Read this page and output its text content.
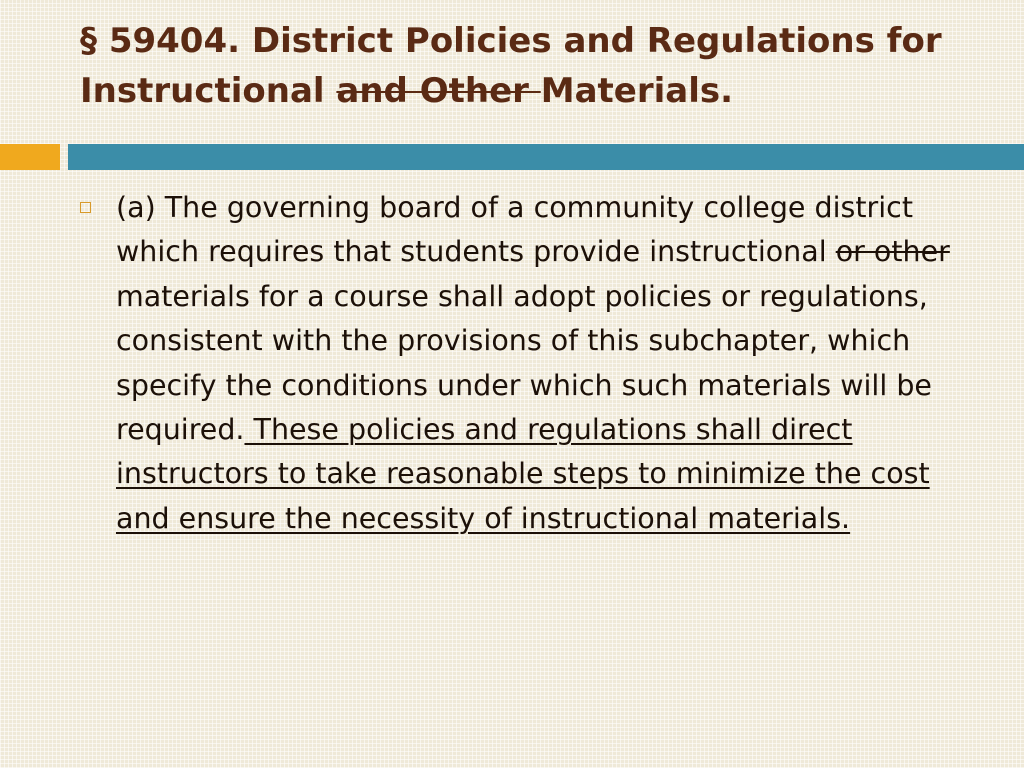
§ 59404. District Policies and Regulations for Instructional and Other Materials.

(a) The governing board of a community college district which requires that students provide instructional or other materials for a course shall adopt policies or regulations, consistent with the provisions of this subchapter, which specify the conditions under which such materials will be required. These policies and regulations shall direct instructors to take reasonable steps to minimize the cost and ensure the necessity of instructional materials.
